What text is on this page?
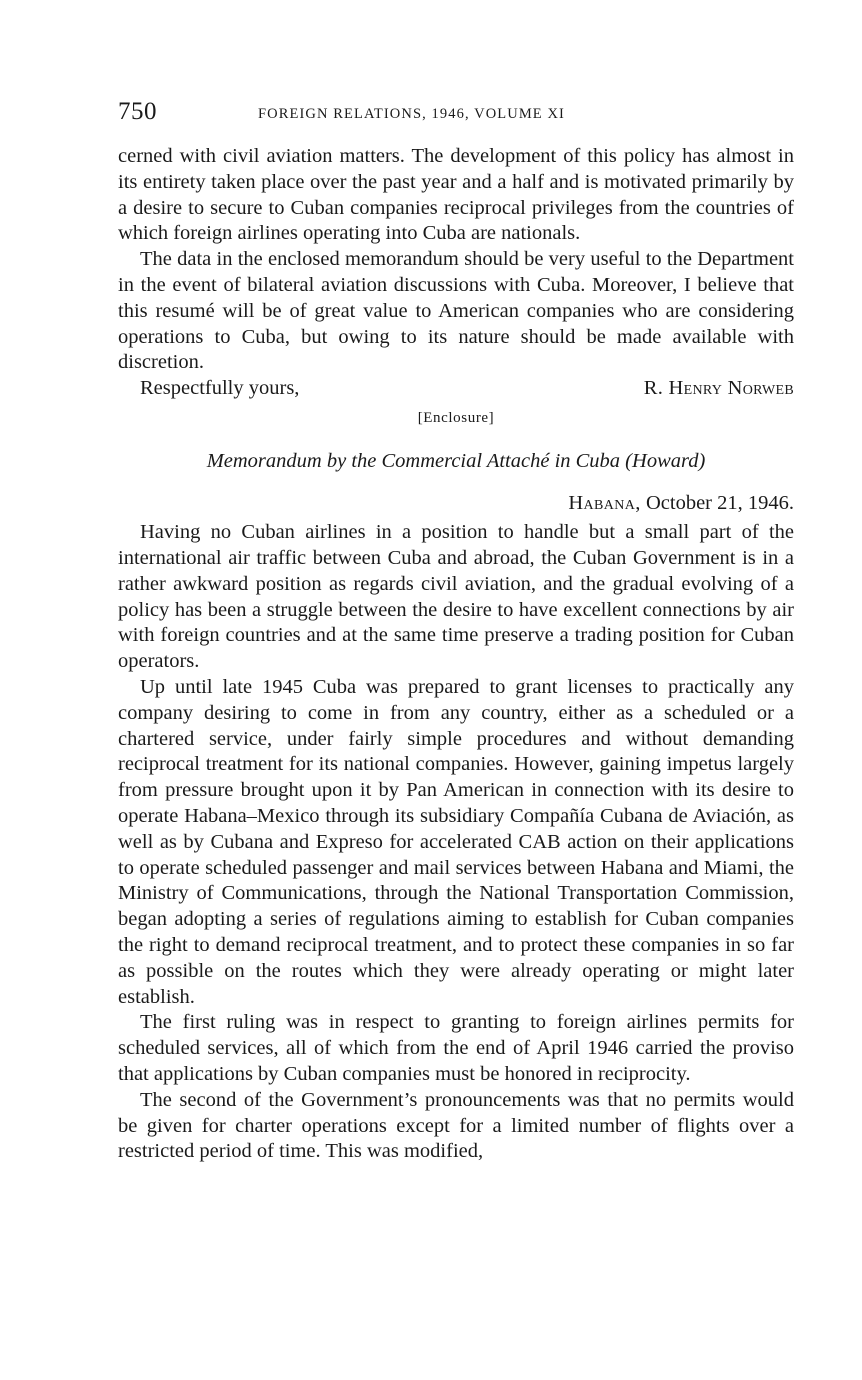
750	FOREIGN RELATIONS, 1946, VOLUME XI

cerned with civil aviation matters. The development of this policy has almost in its entirety taken place over the past year and a half and is motivated primarily by a desire to secure to Cuban companies reciprocal privileges from the countries of which foreign airlines operating into Cuba are nationals.

The data in the enclosed memorandum should be very useful to the Department in the event of bilateral aviation discussions with Cuba. Moreover, I believe that this resumé will be of great value to American companies who are considering operations to Cuba, but owing to its nature should be made available with discretion.

Respectfully yours,	R. Henry Norweb
[Enclosure]
Memorandum by the Commercial Attaché in Cuba (Howard)
Habana, October 21, 1946.

Having no Cuban airlines in a position to handle but a small part of the international air traffic between Cuba and abroad, the Cuban Government is in a rather awkward position as regards civil aviation, and the gradual evolving of a policy has been a struggle between the desire to have excellent connections by air with foreign countries and at the same time preserve a trading position for Cuban operators.

Up until late 1945 Cuba was prepared to grant licenses to practically any company desiring to come in from any country, either as a scheduled or a chartered service, under fairly simple procedures and without demanding reciprocal treatment for its national companies. However, gaining impetus largely from pressure brought upon it by Pan American in connection with its desire to operate Habana–Mexico through its subsidiary Compañía Cubana de Aviación, as well as by Cubana and Expreso for accelerated CAB action on their applications to operate scheduled passenger and mail services between Habana and Miami, the Ministry of Communications, through the National Transportation Commission, began adopting a series of regulations aiming to establish for Cuban companies the right to demand reciprocal treatment, and to protect these companies in so far as possible on the routes which they were already operating or might later establish.

The first ruling was in respect to granting to foreign airlines permits for scheduled services, all of which from the end of April 1946 carried the proviso that applications by Cuban companies must be honored in reciprocity.

The second of the Government’s pronouncements was that no permits would be given for charter operations except for a limited number of flights over a restricted period of time. This was modified,
